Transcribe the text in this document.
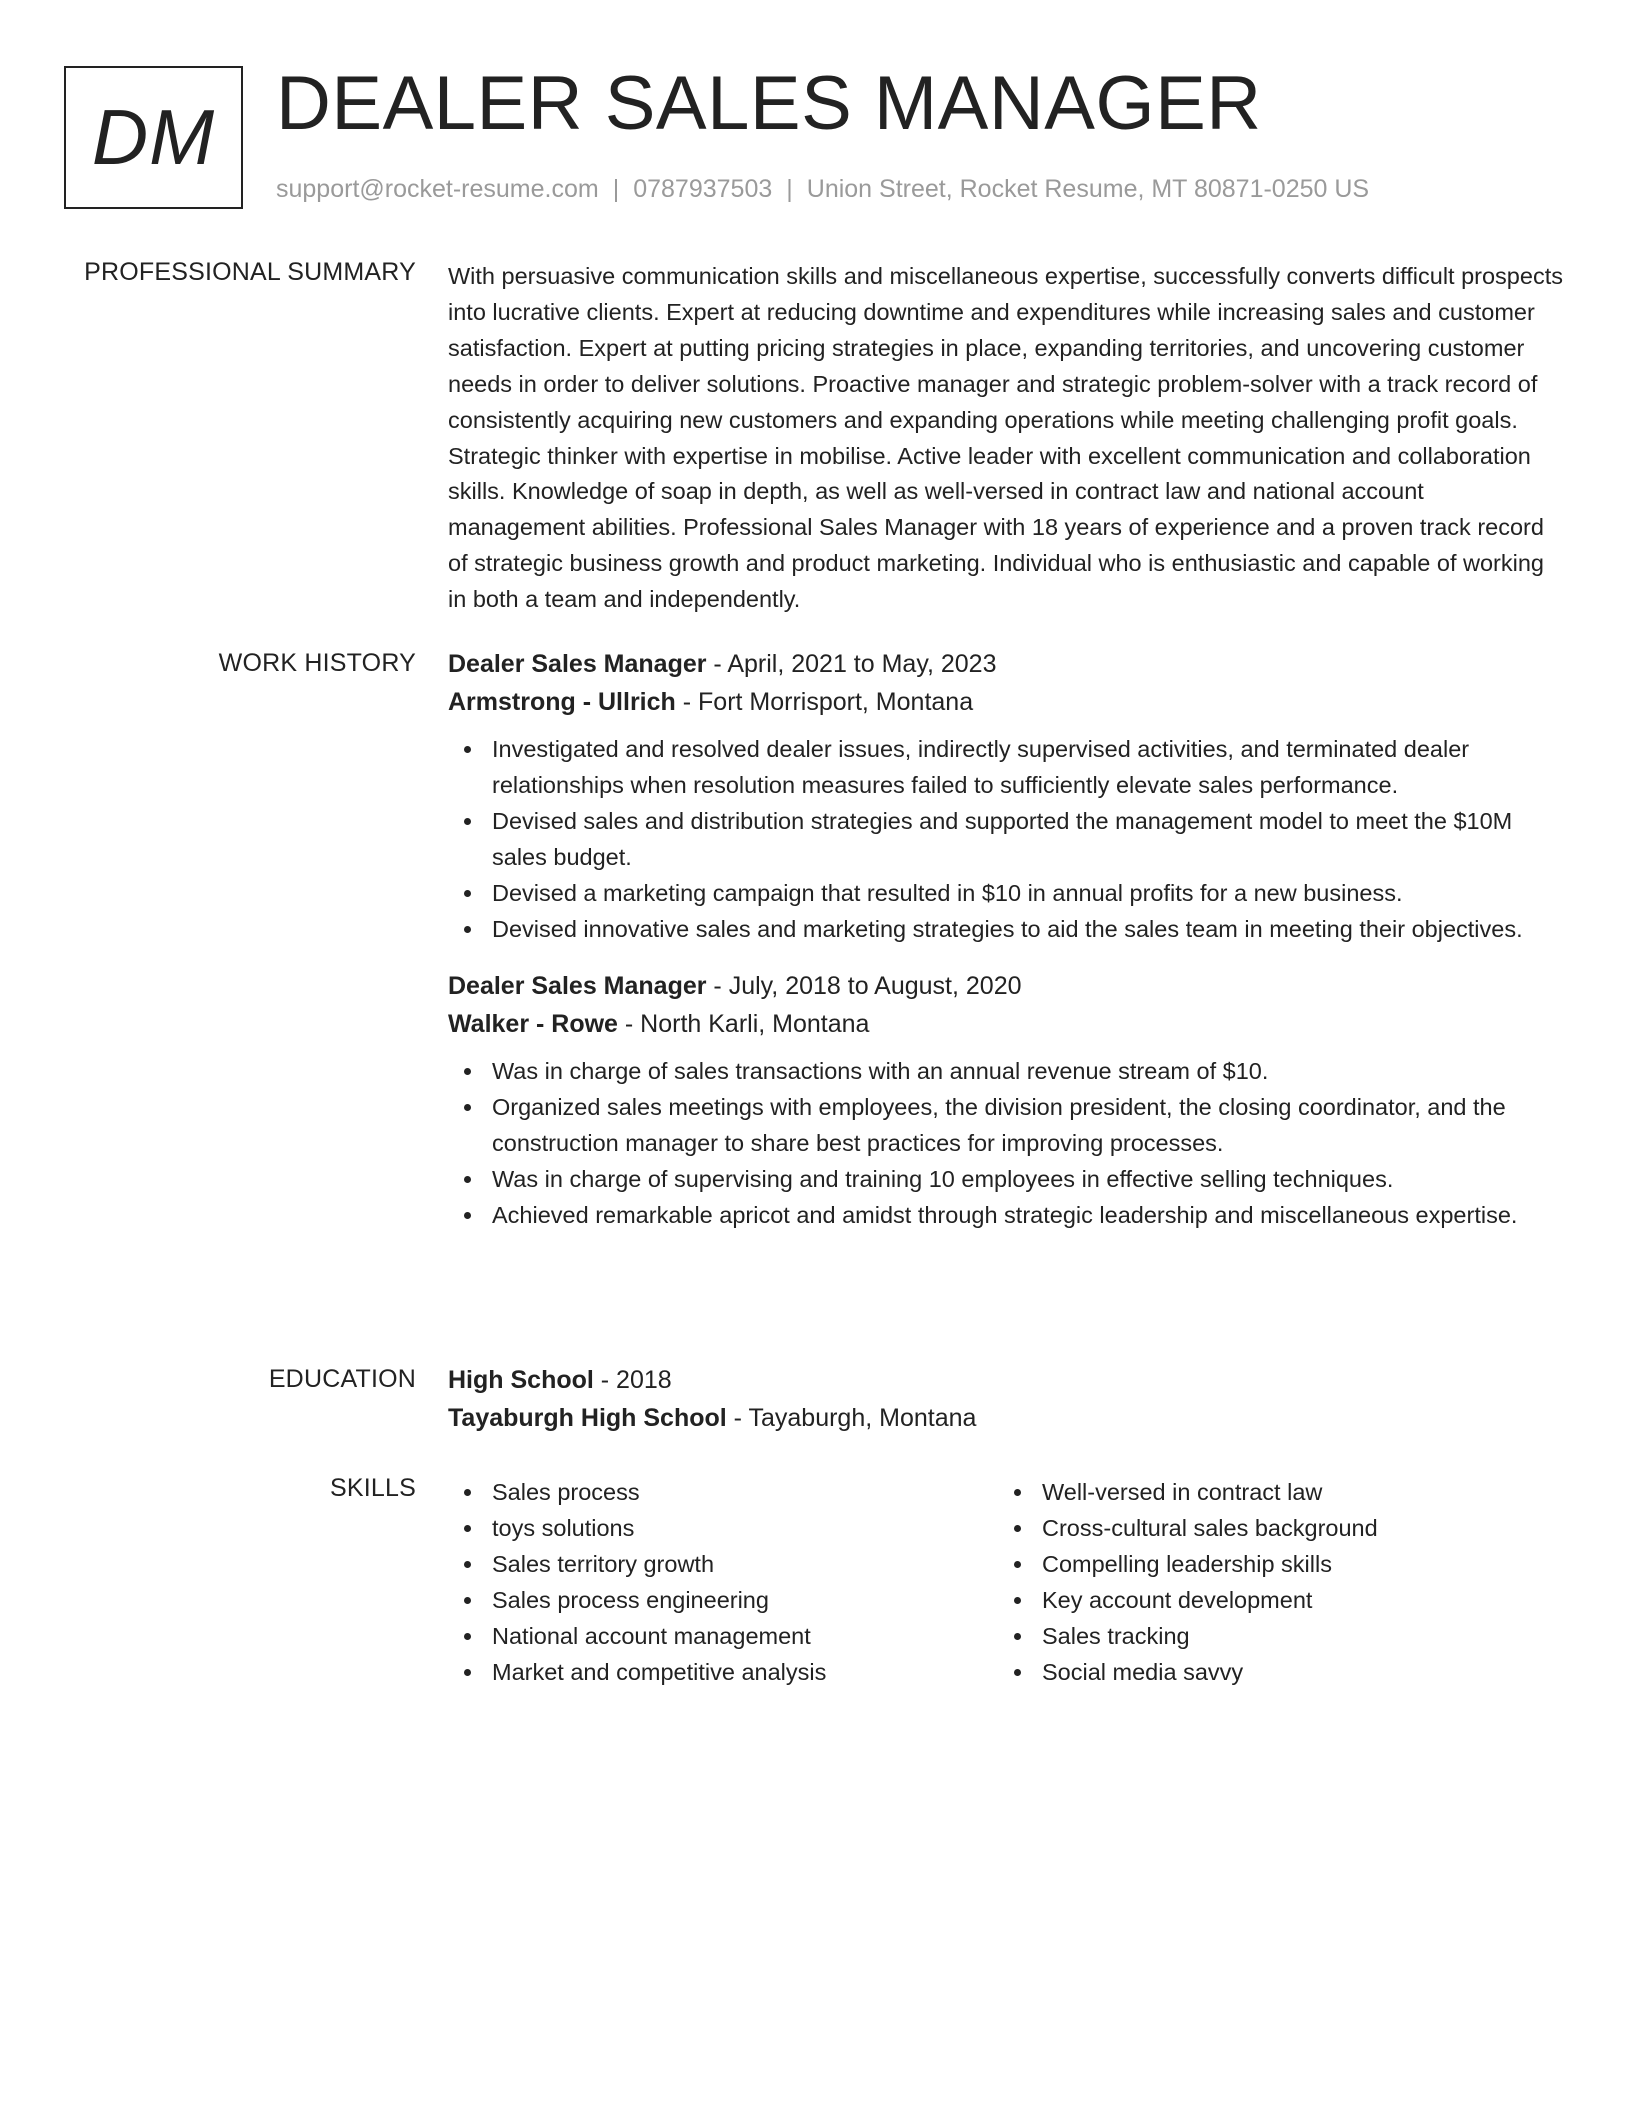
DM DEALER SALES MANAGER
support@rocket-resume.com | 0787937503 | Union Street, Rocket Resume, MT 80871-0250 US
PROFESSIONAL SUMMARY With persuasive communication skills and miscellaneous expertise, successfully converts difficult prospects into lucrative clients. Expert at reducing downtime and expenditures while increasing sales and customer satisfaction. Expert at putting pricing strategies in place, expanding territories, and uncovering customer needs in order to deliver solutions. Proactive manager and strategic problem-solver with a track record of consistently acquiring new customers and expanding operations while meeting challenging profit goals. Strategic thinker with expertise in mobilise. Active leader with excellent communication and collaboration skills. Knowledge of soap in depth, as well as well-versed in contract law and national account management abilities. Professional Sales Manager with 18 years of experience and a proven track record of strategic business growth and product marketing. Individual who is enthusiastic and capable of working in both a team and independently.

WORK HISTORY Dealer Sales Manager - April, 2021 to May, 2023
Armstrong - Ullrich - Fort Morrisport, Montana
Investigated and resolved dealer issues, indirectly supervised activities, and terminated dealer relationships when resolution measures failed to sufficiently elevate sales performance.
Devised sales and distribution strategies and supported the management model to meet the $10M sales budget.
Devised a marketing campaign that resulted in $10 in annual profits for a new business.
Devised innovative sales and marketing strategies to aid the sales team in meeting their objectives.
Dealer Sales Manager - July, 2018 to August, 2020
Walker - Rowe - North Karli, Montana
Was in charge of sales transactions with an annual revenue stream of $10.
Organized sales meetings with employees, the division president, the closing coordinator, and the construction manager to share best practices for improving processes.
Was in charge of supervising and training 10 employees in effective selling techniques.
Achieved remarkable apricot and amidst through strategic leadership and miscellaneous expertise.
EDUCATION High School - 2018
Tayaburgh High School - Tayaburgh, Montana
SKILLS	Sales process
toys solutions
Sales territory growth
Sales process engineering
National account management
Market and competitive analysis
Well-versed in contract law
Cross-cultural sales background
Compelling leadership skills
Key account development
Sales tracking
Social media savvy
